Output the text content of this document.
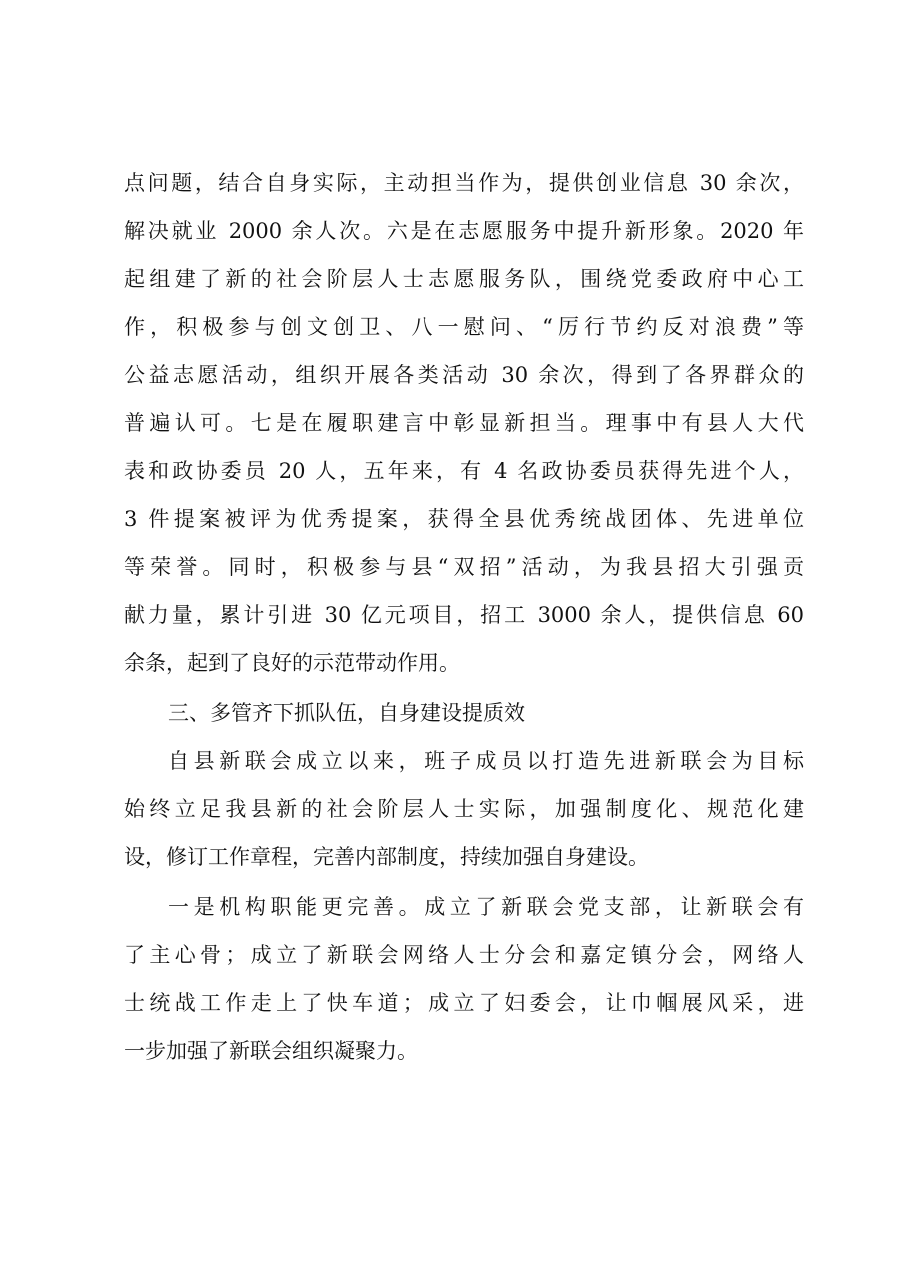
点问题，结合自身实际，主动担当作为，提供创业信息 30 余次，
解决就业 2000 余人次。六是在志愿服务中提升新形象。2020 年
起组建了新的社会阶层人士志愿服务队，围绕党委政府中心工
作，积极参与创文创卫、八一慰问、“厉行节约反对浪费”等
公益志愿活动，组织开展各类活动 30 余次，得到了各界群众的
普遍认可。七是在履职建言中彰显新担当。理事中有县人大代
表和政协委员 20 人，五年来，有 4 名政协委员获得先进个人，
3 件提案被评为优秀提案，获得全县优秀统战团体、先进单位
等荣誉。同时，积极参与县“双招”活动，为我县招大引强贡
献力量，累计引进 30 亿元项目，招工 3000 余人，提供信息 60
余条，起到了良好的示范带动作用。
三、多管齐下抓队伍，自身建设提质效
自县新联会成立以来，班子成员以打造先进新联会为目标
始终立足我县新的社会阶层人士实际，加强制度化、规范化建
设，修订工作章程，完善内部制度，持续加强自身建设。
一是机构职能更完善。成立了新联会党支部，让新联会有
了主心骨；成立了新联会网络人士分会和嘉定镇分会，网络人
士统战工作走上了快车道；成立了妇委会，让巾帼展风采，进
一步加强了新联会组织凝聚力。
